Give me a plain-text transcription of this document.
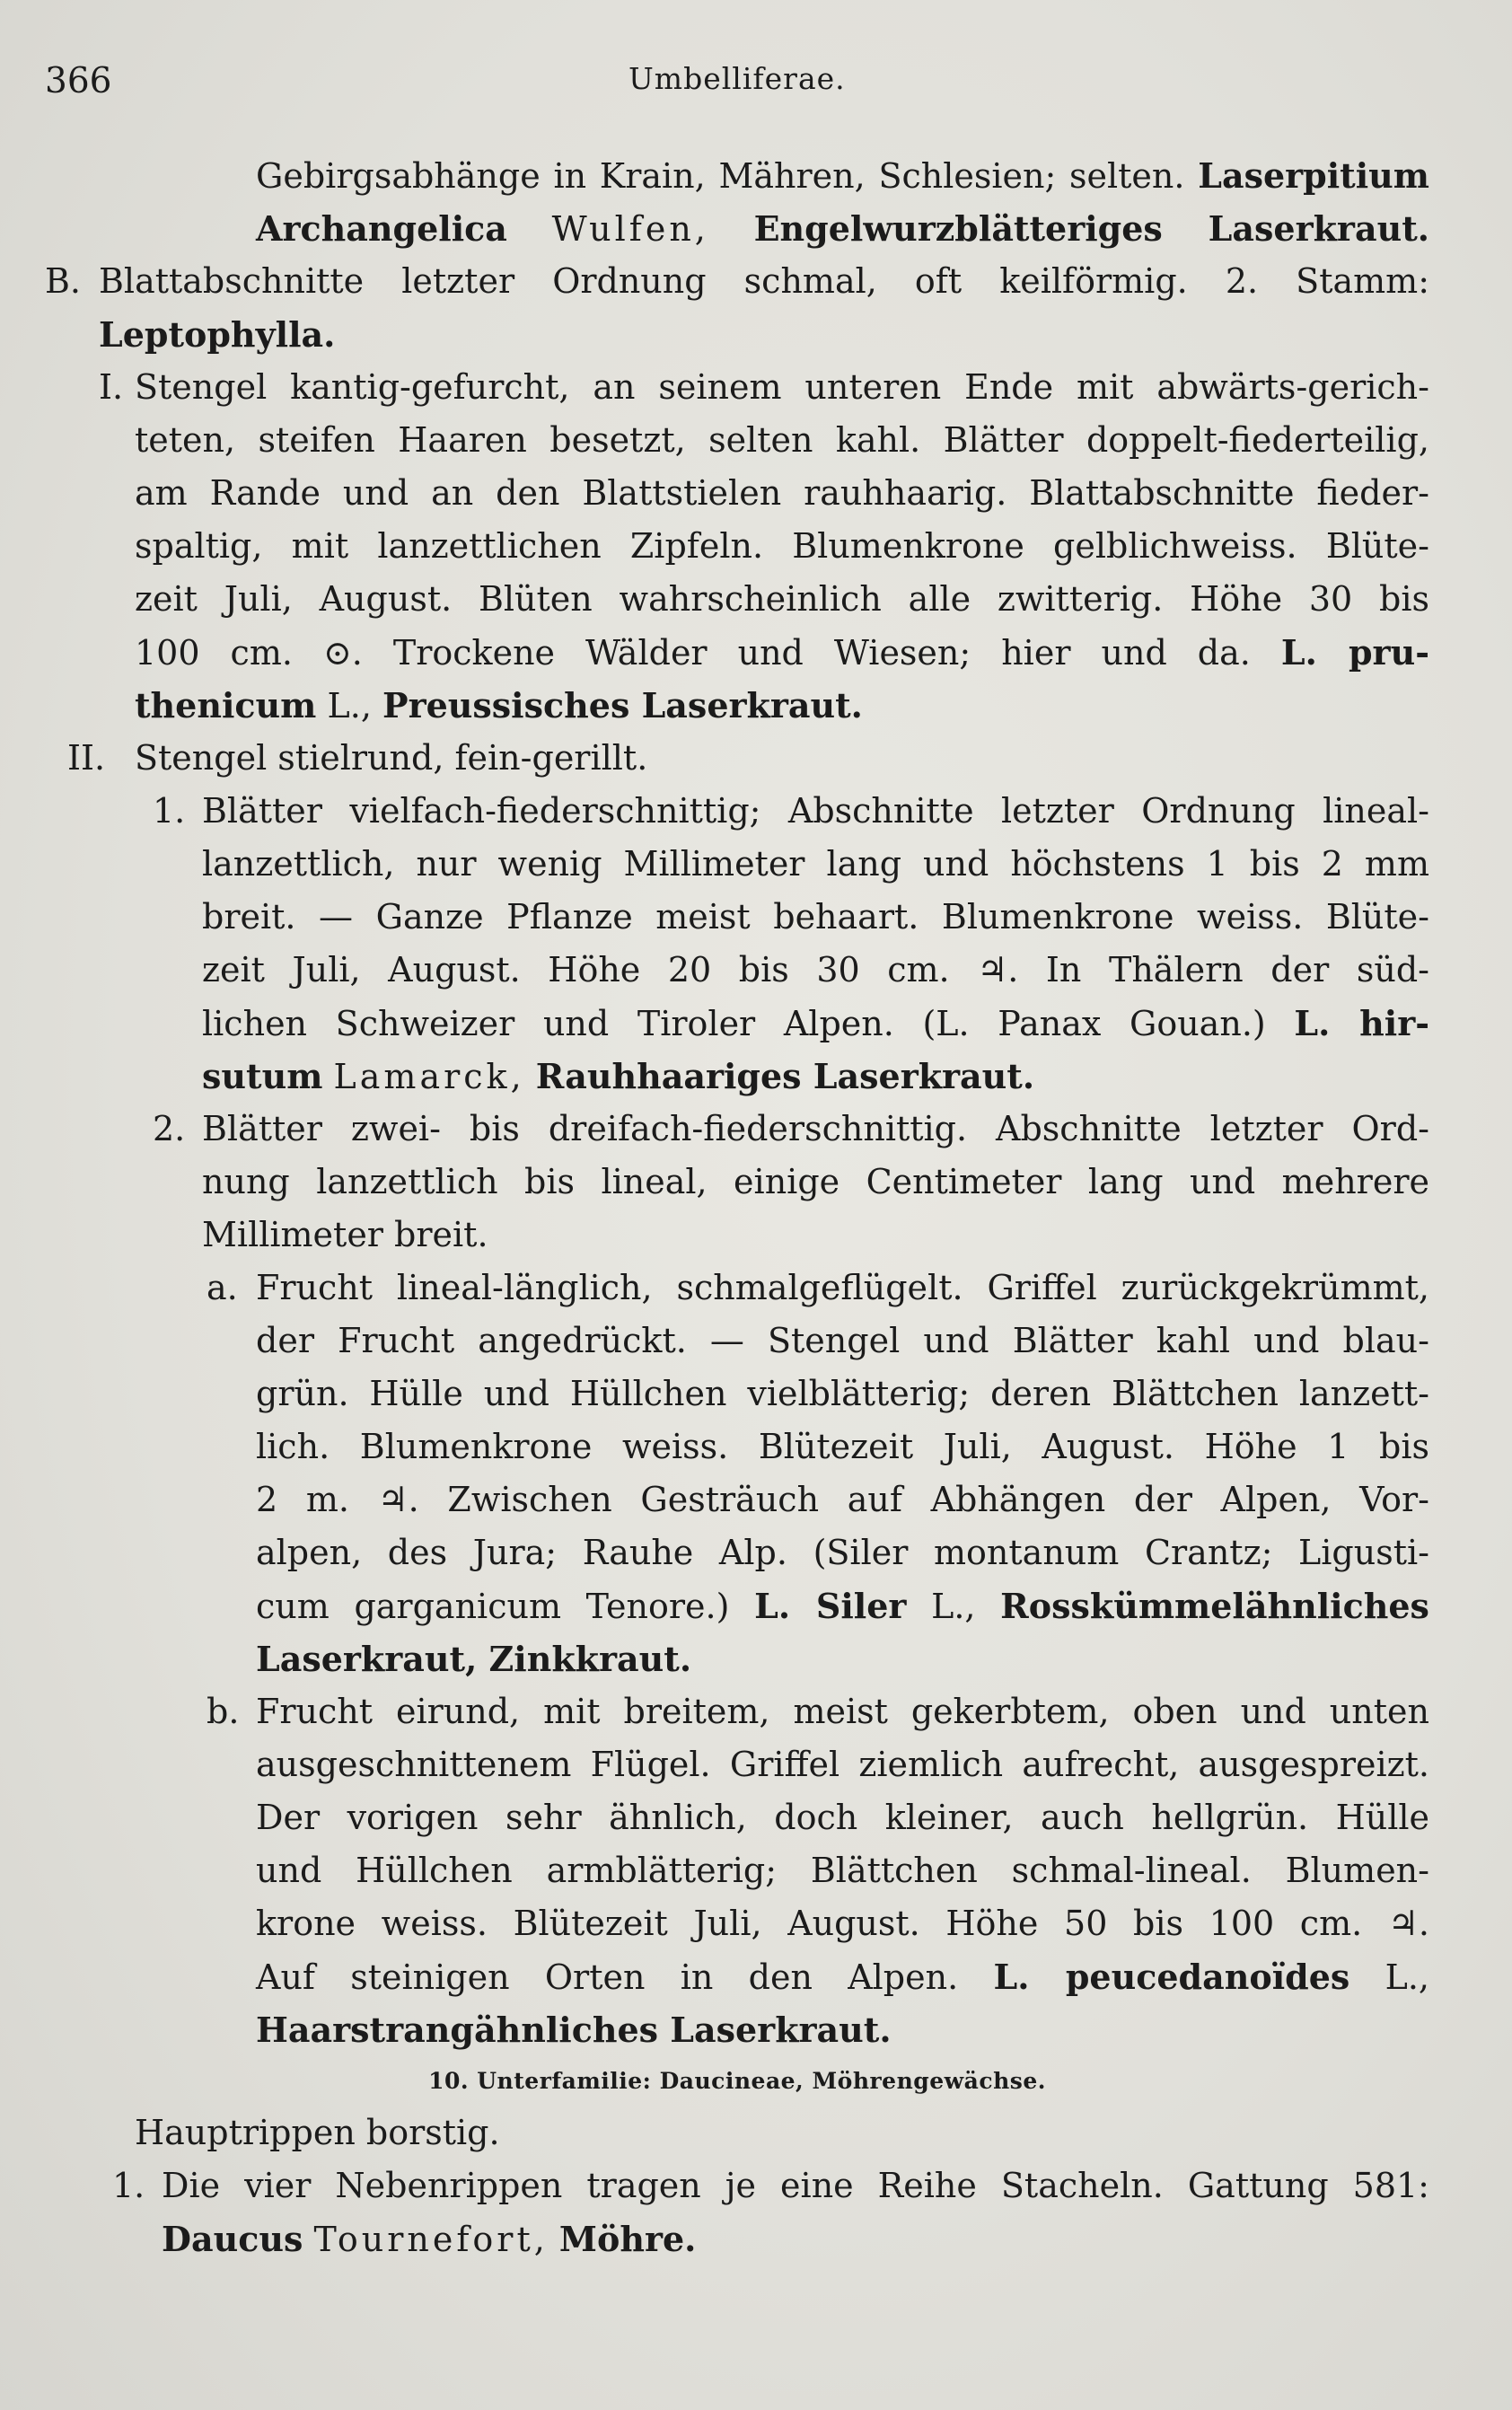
366	Umbelliferae.
Gebirgsabhänge in Krain, Mähren, Schlesien; selten. Laserpitium
Archangelica Wulfen, Engelwurzblätteriges Laserkraut.
B. Blattabschnitte letzter Ordnung schmal, oft keilförmig. 2. Stamm:
Leptophylla.
I. Stengel kantig-gefurcht, an seinem unteren Ende mit abwärts-gerich-
teten, steifen Haaren besetzt, selten kahl. Blätter doppelt-fiederteilig,
am Rande und an den Blattstielen rauhhaarig. Blattabschnitte fieder-
spaltig, mit lanzettlichen Zipfeln. Blumenkrone gelblichweiss. Blüte-
zeit Juli, August. Blüten wahrscheinlich alle zwitterig. Höhe 30 bis
100 cm. ⊙. Trockene Wälder und Wiesen; hier und da. L. pru-
thenicum L., Preussisches Laserkraut.
II. Stengel stielrund, fein-gerillt.
1. Blätter vielfach-fiederschnittig; Abschnitte letzter Ordnung lineal-
lanzettlich, nur wenig Millimeter lang und höchstens 1 bis 2 mm
breit. — Ganze Pflanze meist behaart. Blumenkrone weiss. Blüte-
zeit Juli, August. Höhe 20 bis 30 cm. ♃. In Thälern der süd-
lichen Schweizer und Tiroler Alpen. (L. Panax Gouan.) L. hir-
sutum Lamarck, Rauhhaariges Laserkraut.
2. Blätter zwei- bis dreifach-fiederschnittig. Abschnitte letzter Ord-
nung lanzettlich bis lineal, einige Centimeter lang und mehrere
Millimeter breit.
a. Frucht lineal-länglich, schmalgeflügelt. Griffel zurückgekrümmt,
der Frucht angedrückt. — Stengel und Blätter kahl und blau-
grün. Hülle und Hüllchen vielblätterig; deren Blättchen lanzett-
lich. Blumenkrone weiss. Blütezeit Juli, August. Höhe 1 bis
2 m. ♃. Zwischen Gesträuch auf Abhängen der Alpen, Vor-
alpen, des Jura; Rauhe Alp. (Siler montanum Crantz; Ligusti-
cum garganicum Tenore.) L. Siler L., Rosskümmelähnliches
Laserkraut, Zinkkraut.
b. Frucht eirund, mit breitem, meist gekerbtem, oben und unten
ausgeschnittenem Flügel. Griffel ziemlich aufrecht, ausgespreizt.
Der vorigen sehr ähnlich, doch kleiner, auch hellgrün. Hülle
und Hüllchen armblätterig; Blättchen schmal-lineal. Blumen-
krone weiss. Blütezeit Juli, August. Höhe 50 bis 100 cm. ♃.
Auf steinigen Orten in den Alpen. L. peucedanoïdes L.,
Haarstrangähnliches Laserkraut.
10. Unterfamilie: Daucineae, Möhrengewächse.
Hauptrippen borstig.
1. Die vier Nebenrippen tragen je eine Reihe Stacheln. Gattung 581:
Daucus Tournefort, Möhre.
